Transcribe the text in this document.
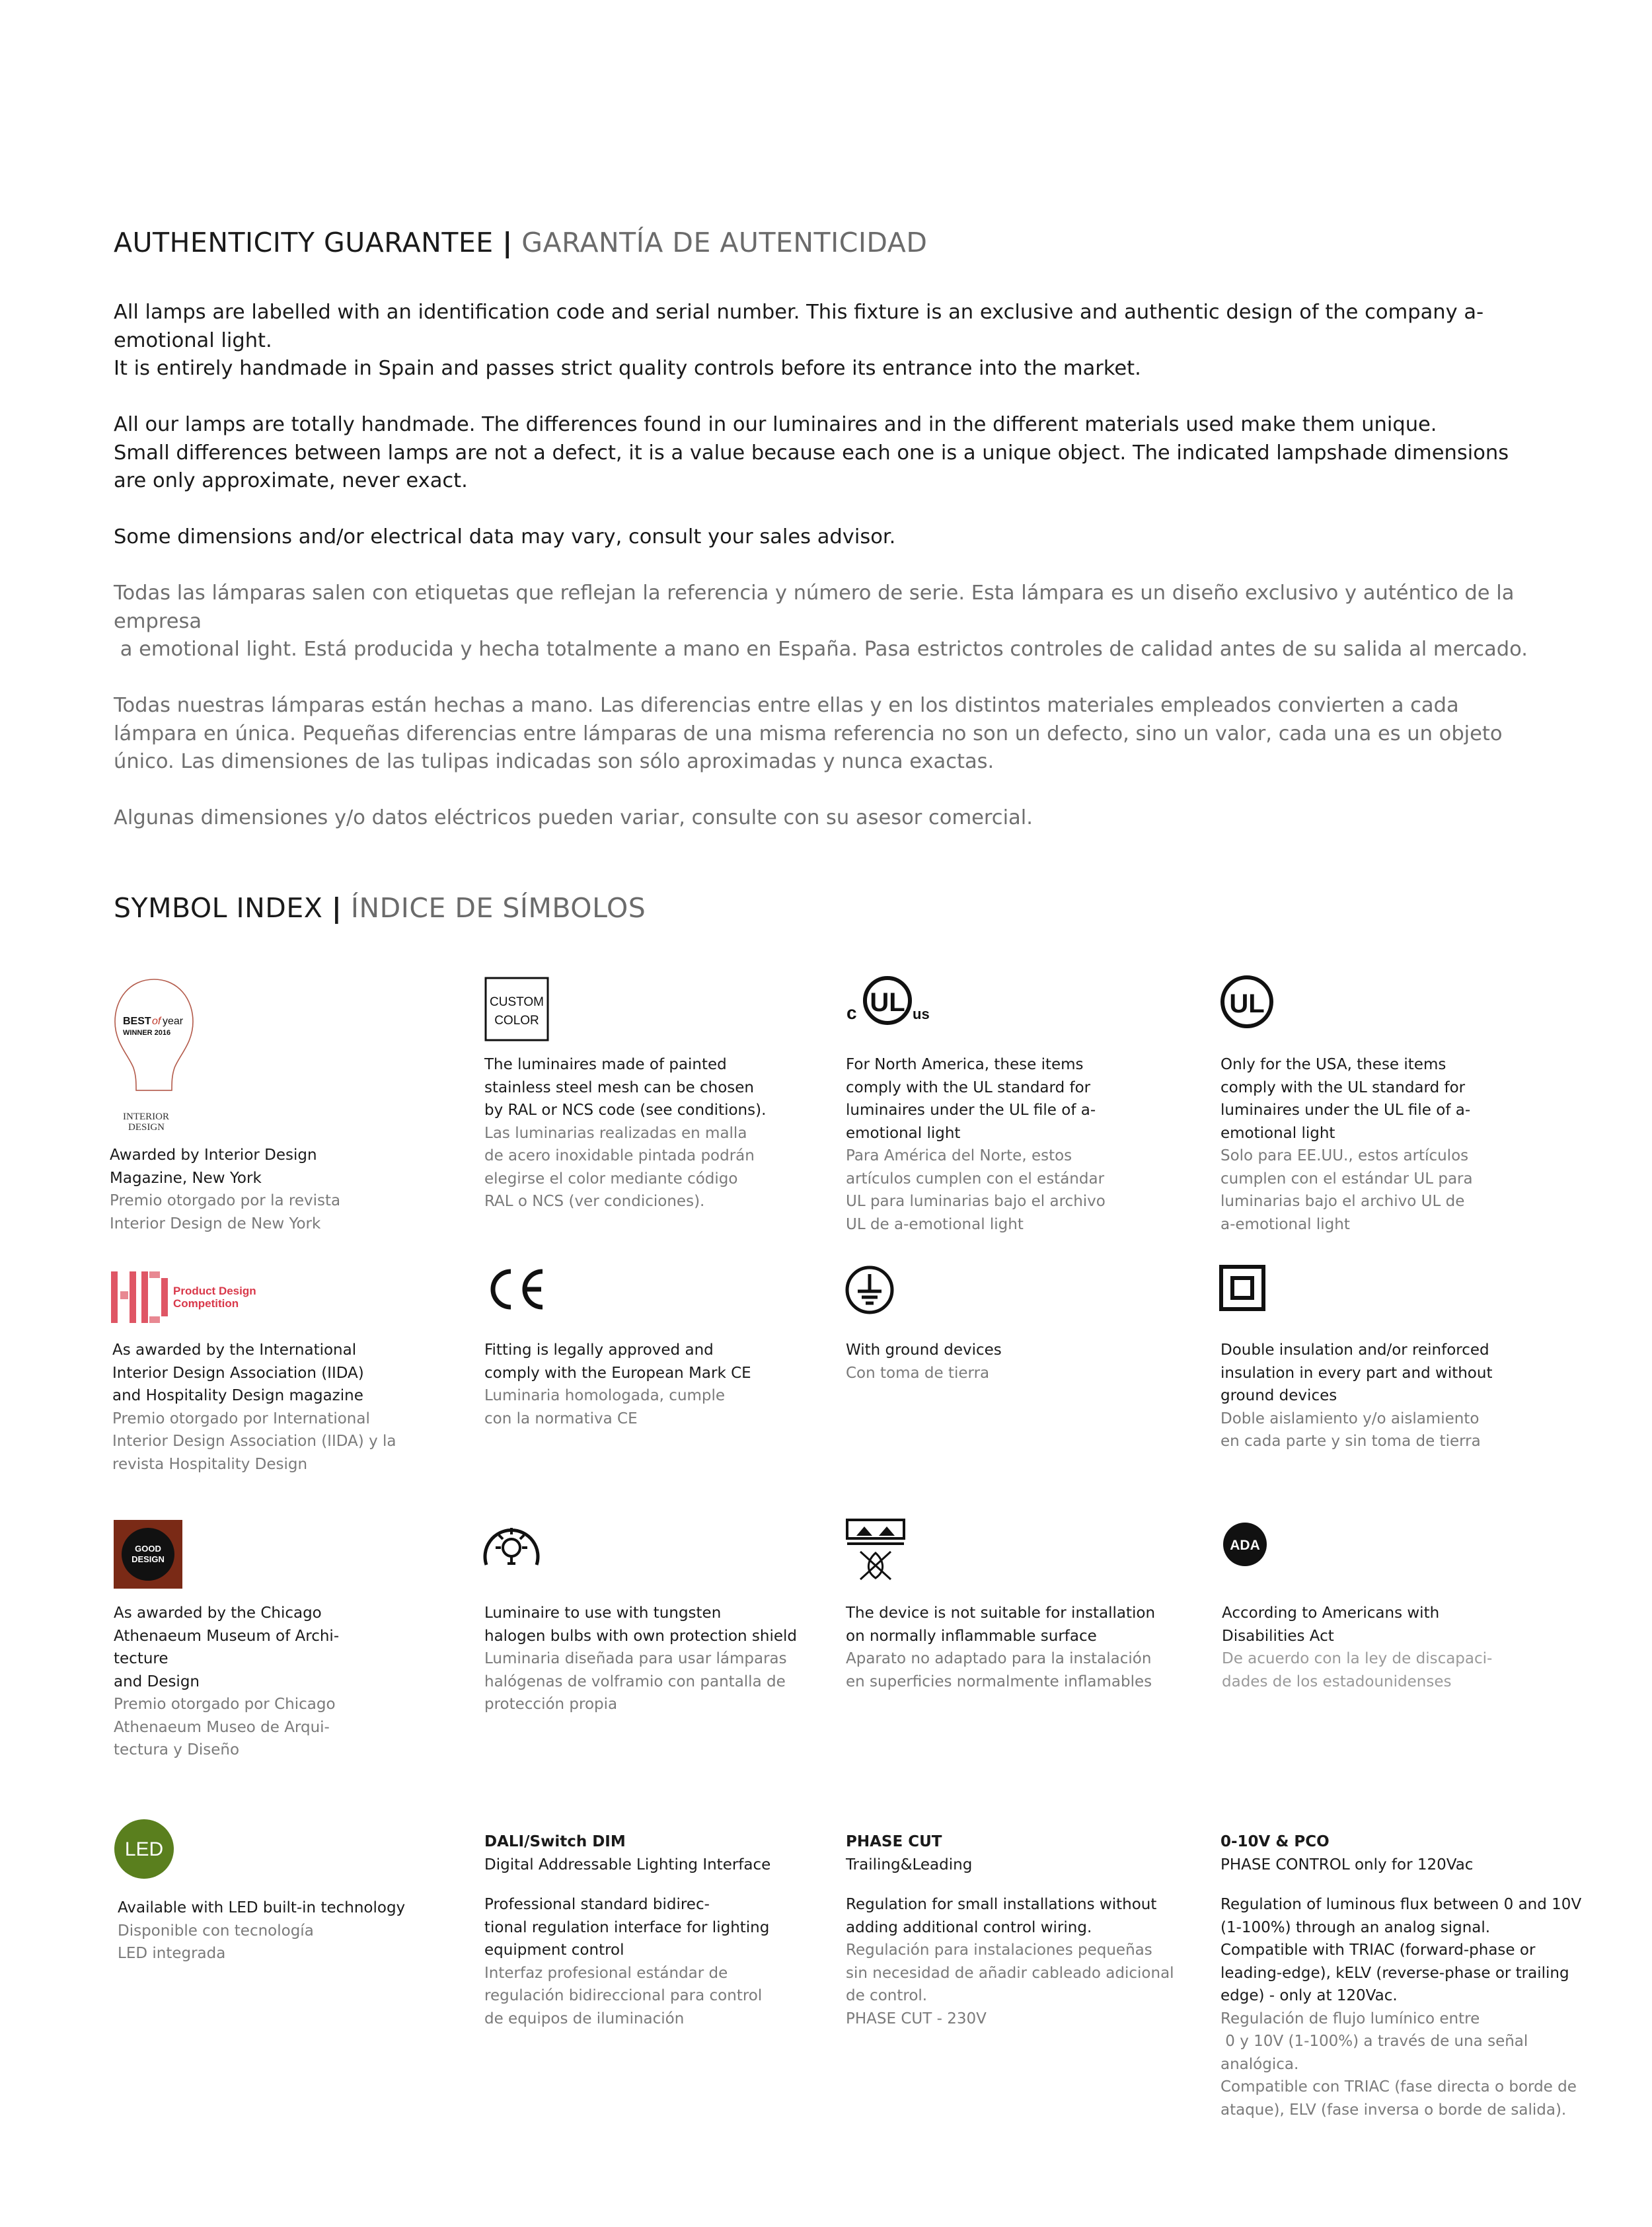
AUTHENTICITY GUARANTEE | GARANTÍA DE AUTENTICIDAD

All lamps are labelled with an identification code and serial number. This fixture is an exclusive and authentic design of the company a-emotional light.
It is entirely handmade in Spain and passes strict quality controls before its entrance into the market.

All our lamps are totally handmade. The differences found in our luminaires and in the different materials used make them unique.
Small differences between lamps are not a defect, it is a value because each one is a unique object. The indicated lampshade dimensions
are only approximate, never exact.

Some dimensions and/or electrical data may vary, consult your sales advisor.

Todas las lámparas salen con etiquetas que reflejan la referencia y número de serie. Esta lámpara es un diseño exclusivo y auténtico de la empresa
a emotional light. Está producida y hecha totalmente a mano en España. Pasa estrictos controles de calidad antes de su salida al mercado.

Todas nuestras lámparas están hechas a mano. Las diferencias entre ellas y en los distintos materiales empleados convierten a cada
lámpara en única. Pequeñas diferencias entre lámparas de una misma referencia no son un defecto, sino un valor, cada una es un objeto
único. Las dimensiones de las tulipas indicadas son sólo aproximadas y nunca exactas.

Algunas dimensiones y/o datos eléctricos pueden variar, consulte con su asesor comercial.

SYMBOL INDEX | ÍNDICE DE SÍMBOLOS
BEST of year
WINNER 2016
INTERIOR
DESIGN
CUSTOM
COLOR
UL
c	us	UL
Product Design
Competition
GOOD
DESIGN
ADA
LED
Awarded by Interior Design
Magazine, New York
Premio otorgado por la revista
Interior Design de New York
The luminaires made of painted
stainless steel mesh can be chosen
by RAL or NCS code (see conditions).
Las luminarias realizadas en malla
de acero inoxidable pintada podrán
elegirse el color mediante código
RAL o NCS (ver condiciones).
For North America, these items
comply with the UL standard for
luminaires under the UL file of a-
emotional light
Para América del Norte, estos
artículos cumplen con el estándar
UL para luminarias bajo el archivo
UL de a-emotional light
Only for the USA, these items
comply with the UL standard for
luminaires under the UL file of a-
emotional light
Solo para EE.UU., estos artículos
cumplen con el estándar UL para
luminarias bajo el archivo UL de
a-emotional light
As awarded by the International
Interior Design Association (IIDA)
and Hospitality Design magazine
Premio otorgado por International
Interior Design Association (IIDA) y la
revista Hospitality Design
Fitting is legally approved and
comply with the European Mark CE
Luminaria homologada, cumple
con la normativa CE
With ground devices
Con toma de tierra
Double insulation and/or reinforced
insulation in every part and without
ground devices
Doble aislamiento y/o aislamiento
en cada parte y sin toma de tierra
As awarded by the Chicago
Athenaeum Museum of Archi-
tecture
and Design
Premio otorgado por Chicago
Athenaeum Museo de Arqui-
tectura y Diseño
Luminaire to use with tungsten
halogen bulbs with own protection shield
Luminaria diseñada para usar lámparas
halógenas de volframio con pantalla de
protección propia
The device is not suitable for installation
on normally inflammable surface
Aparato no adaptado para la instalación
en superficies normalmente inflamables
According to Americans with
Disabilities Act
De acuerdo con la ley de discapaci-
dades de los estadounidenses
Available with LED built-in technology
Disponible con tecnología
LED integrada
DALI/Switch DIM
Digital Addressable Lighting Interface
Professional standard bidirec-
tional regulation interface for lighting
equipment control
Interfaz profesional estándar de
regulación bidireccional para control
de equipos de iluminación
PHASE CUT
Trailing&Leading
Regulation for small installations without
adding additional control wiring.
Regulación para instalaciones pequeñas
sin necesidad de añadir cableado adicional
de control.
PHASE CUT - 230V
0-10V & PCO
PHASE CONTROL only for 120Vac
Regulation of luminous flux between 0 and 10V
(1-100%) through an analog signal.
Compatible with TRIAC (forward-phase or
leading-edge), kELV (reverse-phase or trailing
edge) - only at 120Vac.
Regulación de flujo lumínico entre
0 y 10V (1-100%) a través de una señal
analógica.
Compatible con TRIAC (fase directa o borde de
ataque), ELV (fase inversa o borde de salida).
